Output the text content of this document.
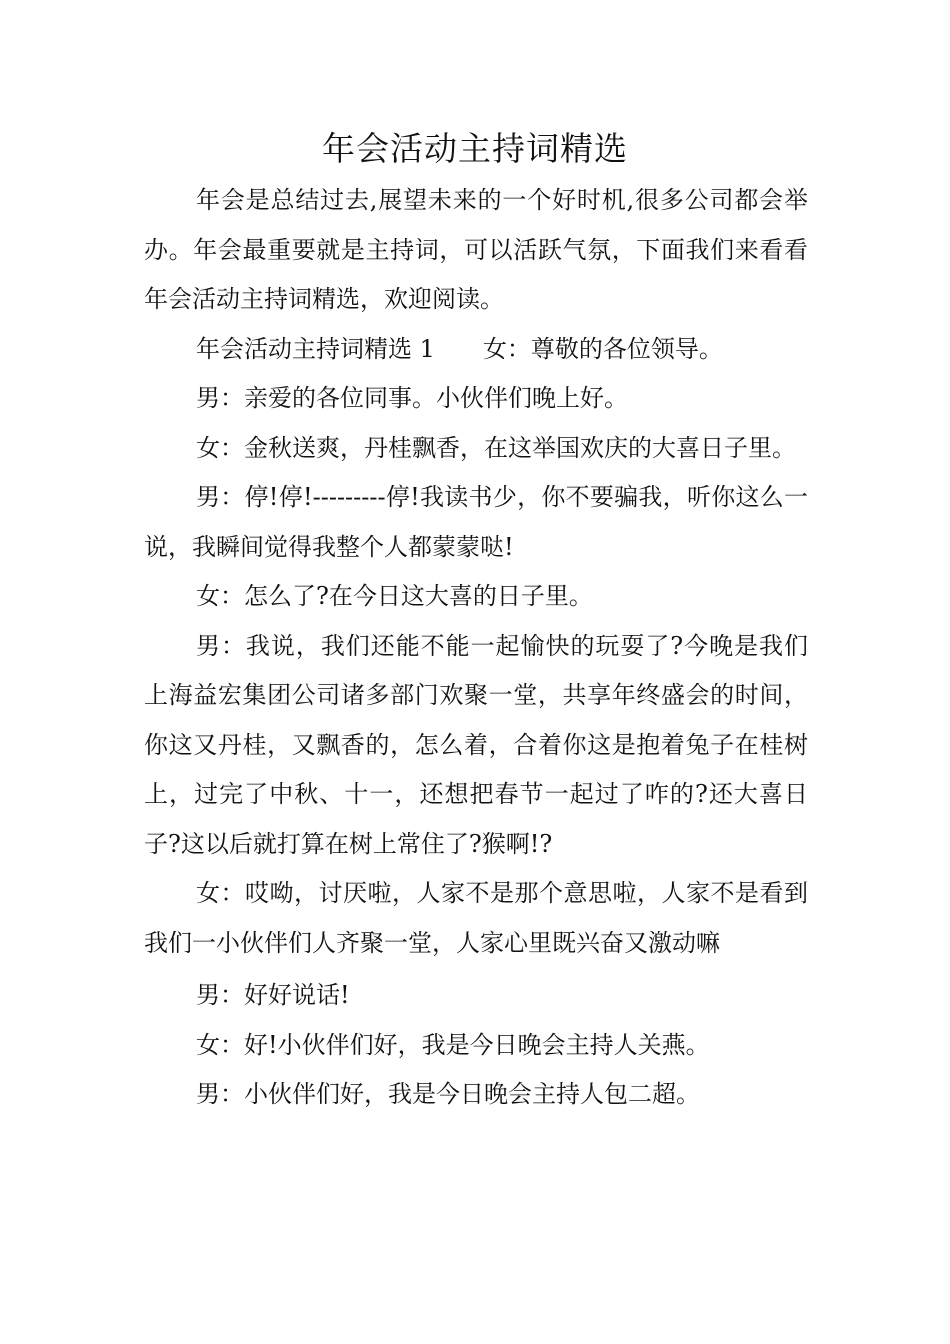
年会活动主持词精选

年会是总结过去,展望未来的一个好时机,很多公司都会举办。年会最重要就是主持词，可以活跃气氛，下面我们来看看年会活动主持词精选，欢迎阅读。

年会活动主持词精选 1　　女：尊敬的各位领导。

男：亲爱的各位同事。小伙伴们晚上好。

女：金秋送爽，丹桂飘香，在这举国欢庆的大喜日子里。

男：停!停!---------停!我读书少，你不要骗我，听你这么一说，我瞬间觉得我整个人都蒙蒙哒!

女：怎么了?在今日这大喜的日子里。

男：我说，我们还能不能一起愉快的玩耍了?今晚是我们上海益宏集团公司诸多部门欢聚一堂，共享年终盛会的时间，你这又丹桂，又飘香的，怎么着，合着你这是抱着兔子在桂树上，过完了中秋、十一，还想把春节一起过了咋的?还大喜日子?这以后就打算在树上常住了?猴啊!?

女：哎呦，讨厌啦，人家不是那个意思啦，人家不是看到我们一小伙伴们人齐聚一堂，人家心里既兴奋又激动嘛

男：好好说话!

女：好!小伙伴们好，我是今日晚会主持人关燕。

男：小伙伴们好，我是今日晚会主持人包二超。
